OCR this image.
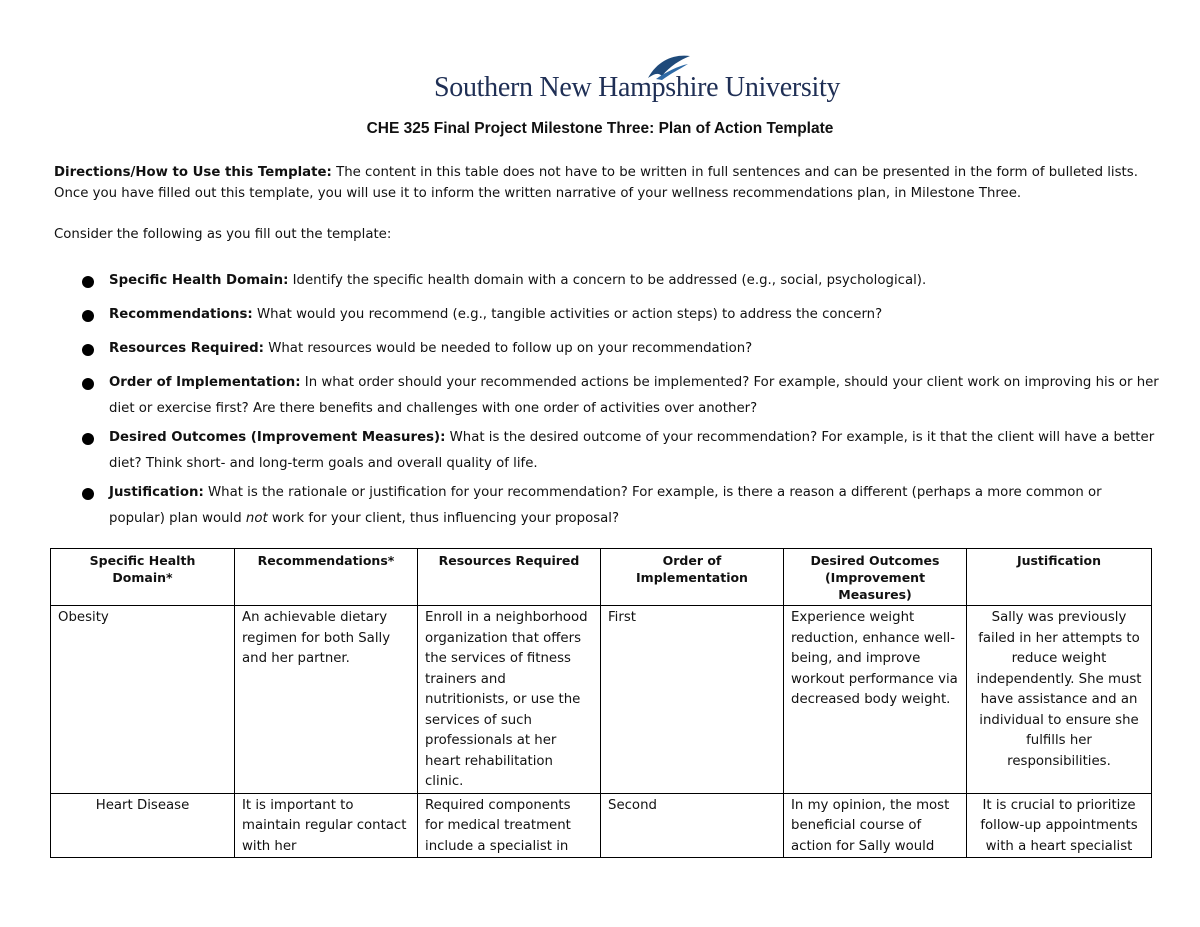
Southern New Hampshire University
CHE 325 Final Project Milestone Three: Plan of Action Template
Directions/How to Use this Template: The content in this table does not have to be written in full sentences and can be presented in the form of bulleted lists. Once you have filled out this template, you will use it to inform the written narrative of your wellness recommendations plan, in Milestone Three.
Consider the following as you fill out the template:
Specific Health Domain: Identify the specific health domain with a concern to be addressed (e.g., social, psychological).
Recommendations: What would you recommend (e.g., tangible activities or action steps) to address the concern?
Resources Required: What resources would be needed to follow up on your recommendation?
Order of Implementation: In what order should your recommended actions be implemented? For example, should your client work on improving his or her diet or exercise first? Are there benefits and challenges with one order of activities over another?
Desired Outcomes (Improvement Measures): What is the desired outcome of your recommendation? For example, is it that the client will have a better diet? Think short- and long-term goals and overall quality of life.
Justification: What is the rationale or justification for your recommendation? For example, is there a reason a different (perhaps a more common or popular) plan would not work for your client, thus influencing your proposal?
Specific Health Domain*	Recommendations*	Resources Required	Order of Implementation	Desired Outcomes (Improvement Measures)	Justification
Obesity	An achievable dietary regimen for both Sally and her partner.	Enroll in a neighborhood organization that offers the services of fitness trainers and nutritionists, or use the services of such professionals at her heart rehabilitation clinic.	First	Experience weight reduction, enhance well-being, and improve workout performance via decreased body weight.	Sally was previously failed in her attempts to reduce weight independently. She must have assistance and an individual to ensure she fulfills her responsibilities.
Heart Disease	It is important to maintain regular contact with her	Required components for medical treatment include a specialist in	Second	In my opinion, the most beneficial course of action for Sally would	It is crucial to prioritize follow-up appointments with a heart specialist
